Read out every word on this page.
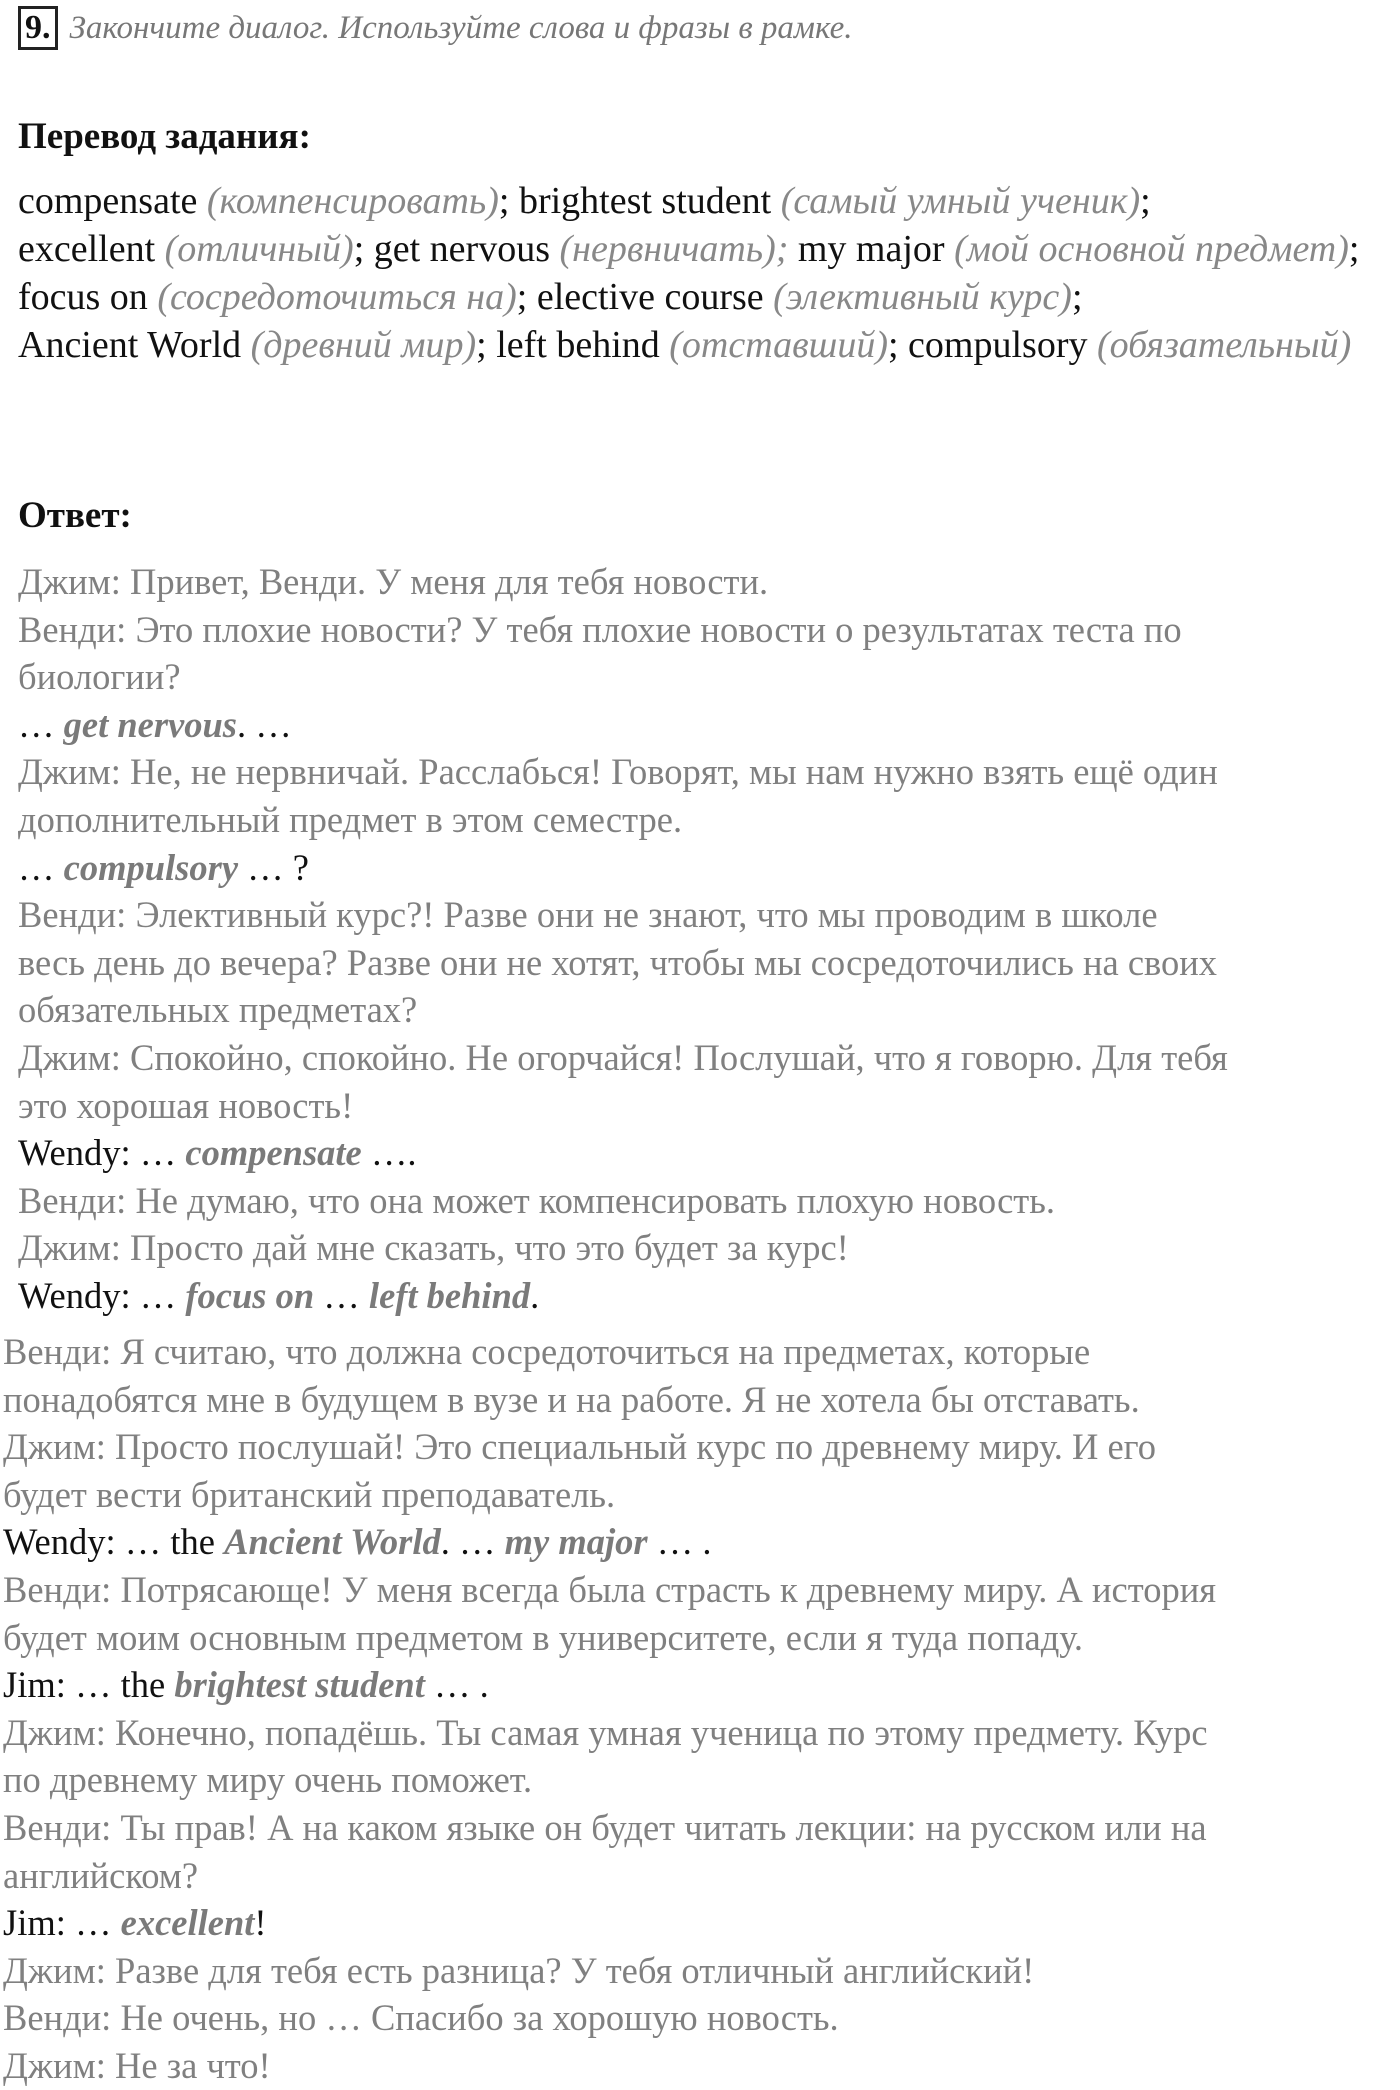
9. Закончите диалог. Используйте слова и фразы в рамке.
Перевод задания:
compensate (компенсировать); brightest student (самый умный ученик);
excellent (отличный); get nervous (нервничать); my major (мой основной предмет); focus on (сосредоточиться на); elective course (элективный курс);
Ancient World (древний мир); left behind (отставший); compulsory (обязательный)
Ответ:
Джим: Привет, Венди. У меня для тебя новости.
Венди: Это плохие новости? У тебя плохие новости о результатах теста по
биологии?
… get nervous. …
Джим: Не, не нервничай. Расслабься! Говорят, мы нам нужно взять ещё один
дополнительный предмет в этом семестре.
… compulsory … ?
Венди: Элективный курс?! Разве они не знают, что мы проводим в школе
весь день до вечера? Разве они не хотят, чтобы мы сосредоточились на своих
обязательных предметах?
Джим: Спокойно, спокойно. Не огорчайся! Послушай, что я говорю. Для тебя
это хорошая новость!
Wendy: … compensate ….
Венди: Не думаю, что она может компенсировать плохую новость.
Джим: Просто дай мне сказать, что это будет за курс!
Wendy: … focus on … left behind.
Венди: Я считаю, что должна сосредоточиться на предметах, которые
понадобятся мне в будущем в вузе и на работе. Я не хотела бы отставать.
Джим: Просто послушай! Это специальный курс по древнему миру. И его
будет вести британский преподаватель.
Wendy: … the Ancient World. … my major … .
Венди: Потрясающе! У меня всегда была страсть к древнему миру. А история
будет моим основным предметом в университете, если я туда попаду.
Jim: … the brightest student … .
Джим: Конечно, попадёшь. Ты самая умная ученица по этому предмету. Курс
по древнему миру очень поможет.
Венди: Ты прав! А на каком языке он будет читать лекции: на русском или на
английском?
Jim: … excellent!
Джим: Разве для тебя есть разница? У тебя отличный английский!
Венди: Не очень, но … Спасибо за хорошую новость.
Джим: Не за что!
